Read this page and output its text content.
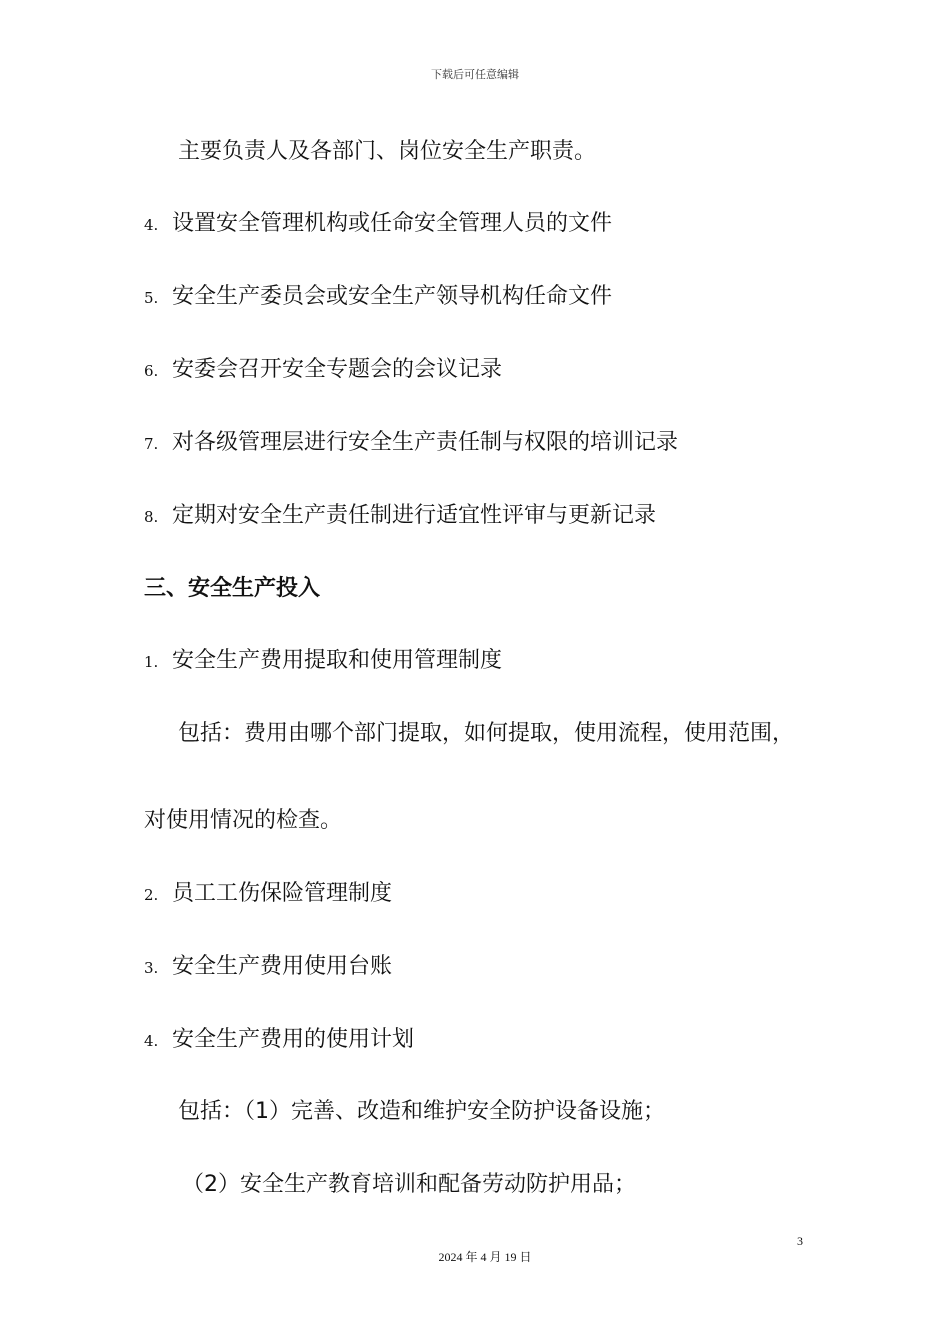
下载后可任意编辑
主要负责人及各部门、岗位安全生产职责。
4. 设置安全管理机构或任命安全管理人员的文件
5. 安全生产委员会或安全生产领导机构任命文件
6. 安委会召开安全专题会的会议记录
7. 对各级管理层进行安全生产责任制与权限的培训记录
8. 定期对安全生产责任制进行适宜性评审与更新记录
三、安全生产投入
1. 安全生产费用提取和使用管理制度
包括：费用由哪个部门提取，如何提取，使用流程，使用范围，
对使用情况的检查。
2. 员工工伤保险管理制度
3. 安全生产费用使用台账
4. 安全生产费用的使用计划
包括：（1）完善、改造和维护安全防护设备设施；
（2）安全生产教育培训和配备劳动防护用品；
3
2024 年 4 月 19 日
